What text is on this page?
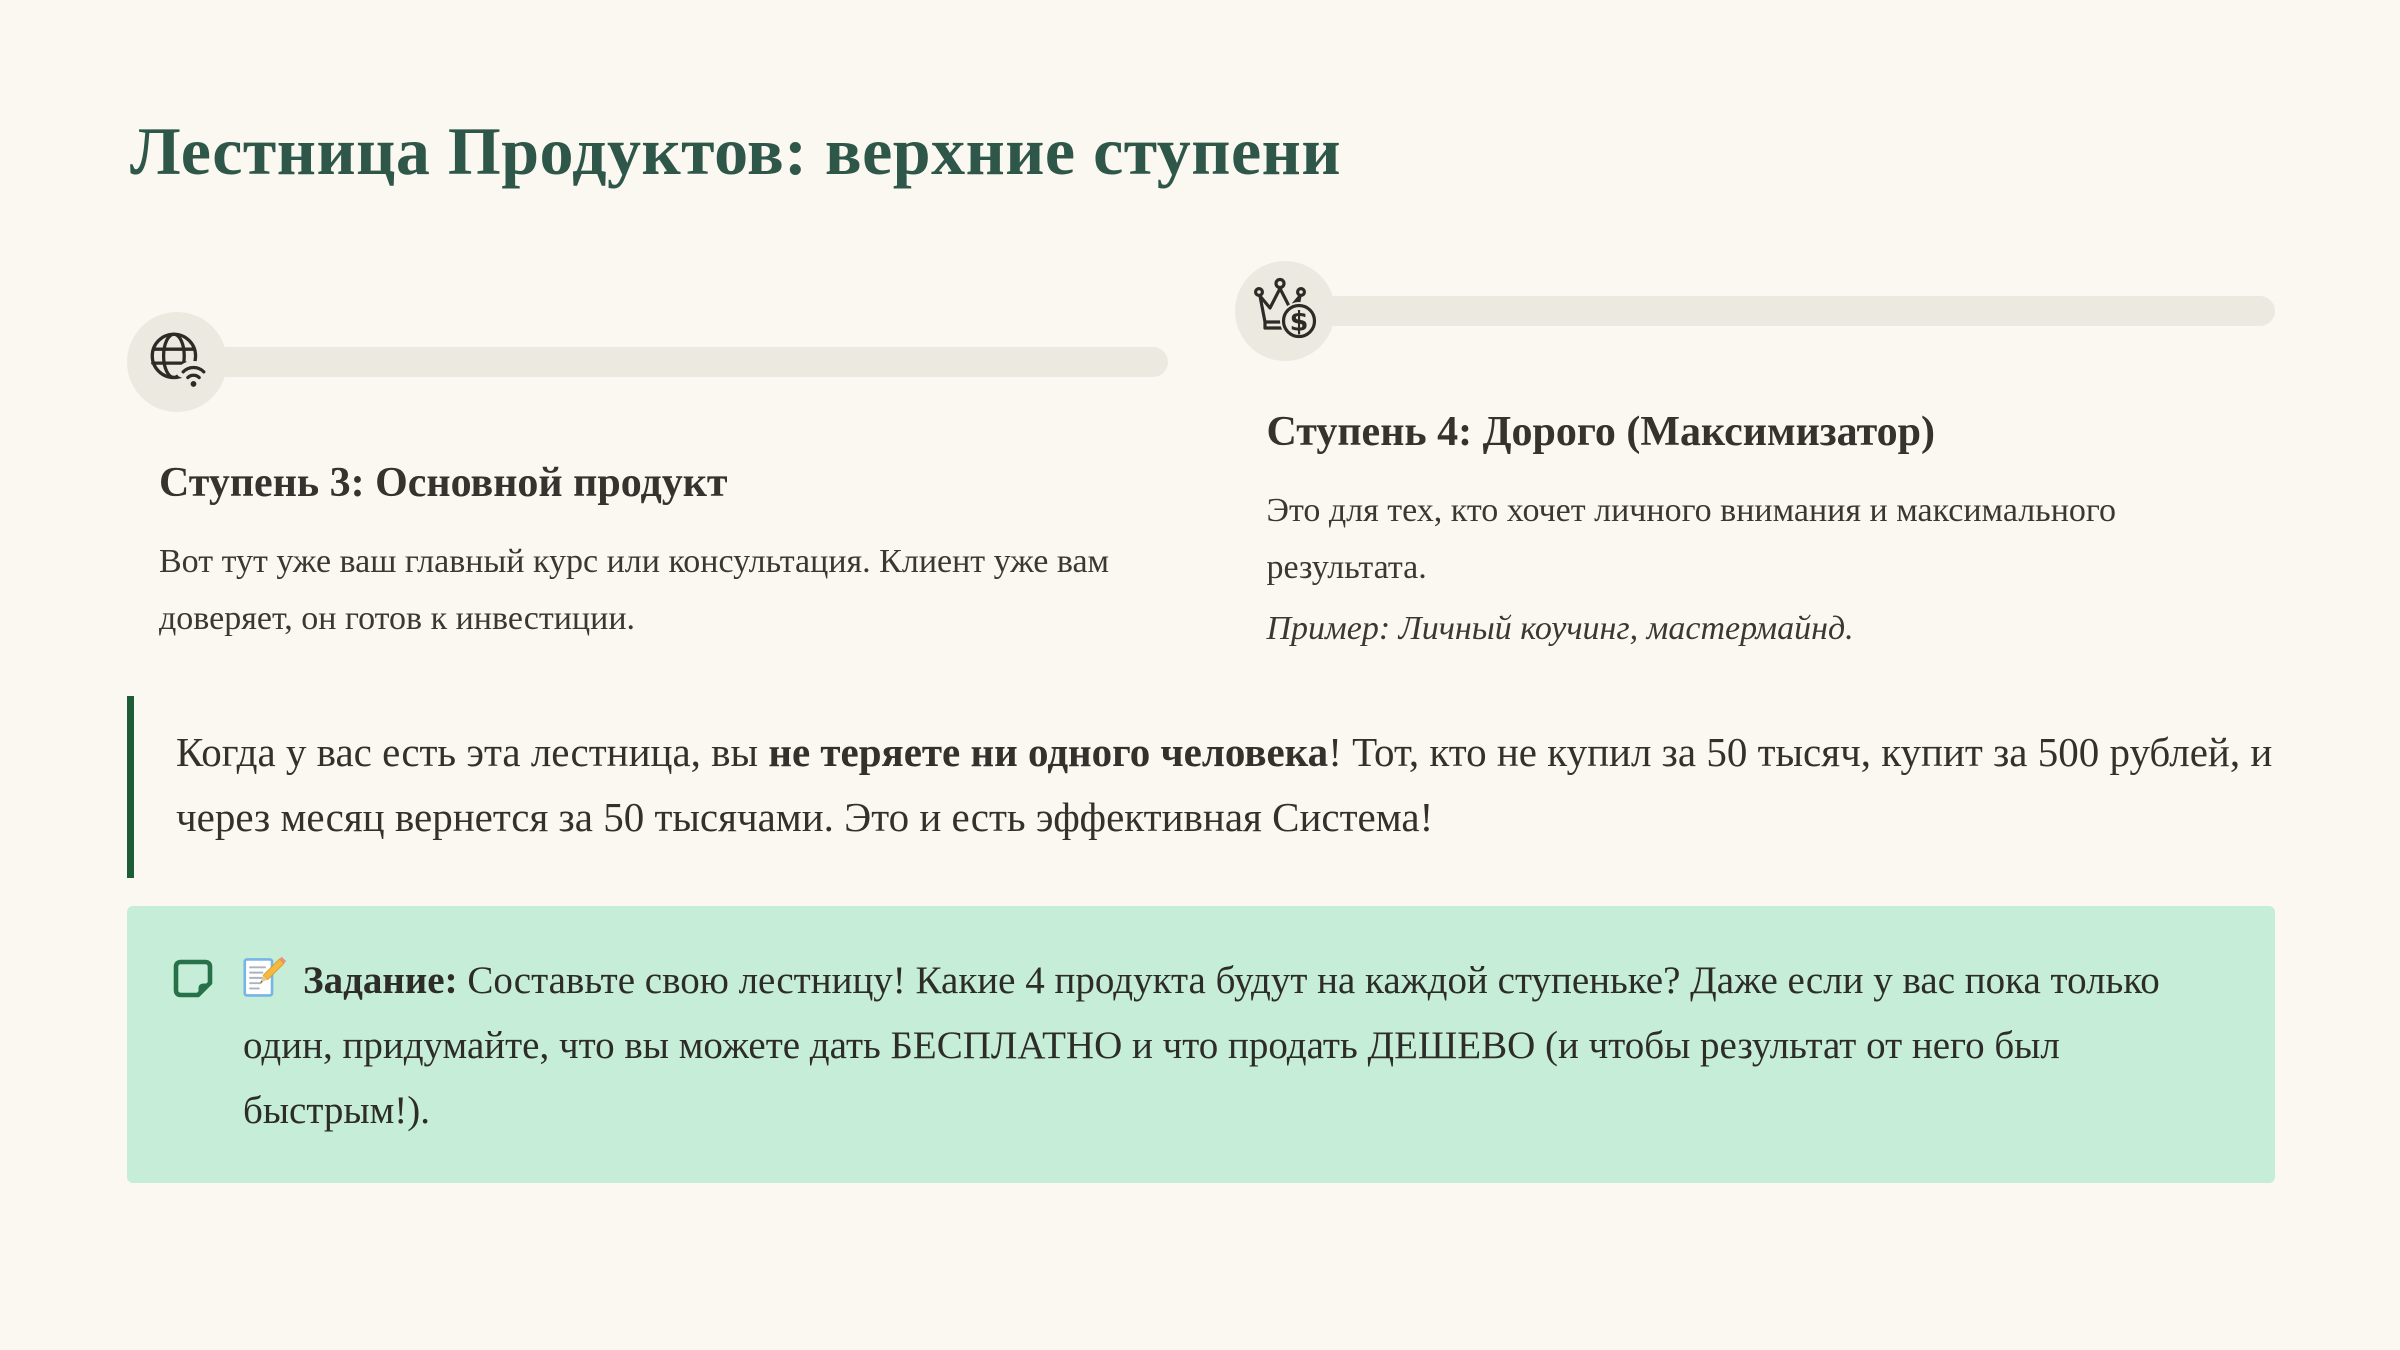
Лестница Продуктов: верхние ступени
Ступень 3: Основной продукт
Вот тут уже ваш главный курс или консультация. Клиент уже вам доверяет, он готов к инвестиции.
$
Ступень 4: Дорого (Максимизатор)
Это для тех, кто хочет личного внимания и максимального результата.
Пример: Личный коучинг, мастермайнд.
Когда у вас есть эта лестница, вы не теряете ни одного человека! Тот, кто не купил за 50 тысяч, купит за 500 рублей, и через месяц вернется за 50 тысячами. Это и есть эффективная Система!
Задание: Составьте свою лестницу! Какие 4 продукта будут на каждой ступеньке? Даже если у вас пока только один, придумайте, что вы можете дать БЕСПЛАТНО и что продать ДЕШЕВО (и чтобы результат от него был быстрым!).
